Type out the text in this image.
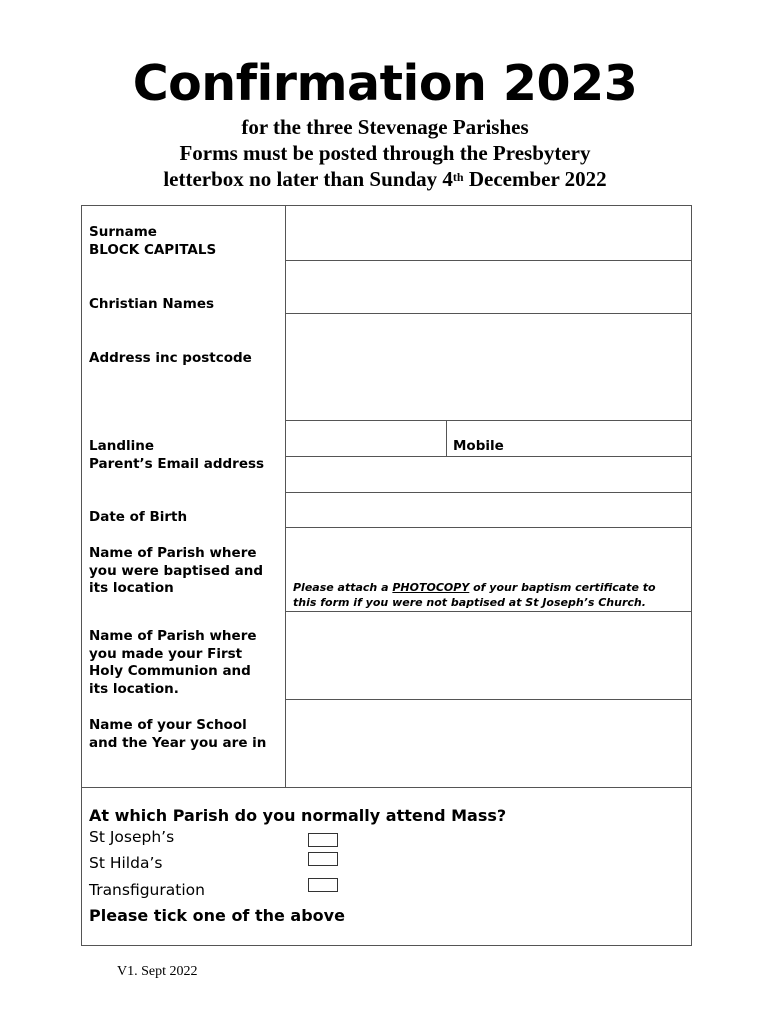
Confirmation 2023

for the three Stevenage Parishes

Forms must be posted through the Presbytery

letterbox no later than Sunday 4th December 2022

Surname
BLOCK CAPITALS
Christian Names
Address inc postcode
Landline	Mobile
Parent’s Email address
Date of Birth
Name of Parish where
you were baptised and
its location	Please attach a PHOTOCOPY of your baptism certificate to
this form if you were not baptised at St Joseph’s Church.
Name of Parish where
you made your First
Holy Communion and
its location.
Name of your School
and the Year you are in
At which Parish do you normally attend Mass?
St Joseph’s
St Hilda’s
Transfiguration
Please tick one of the above
V1. Sept 2022
